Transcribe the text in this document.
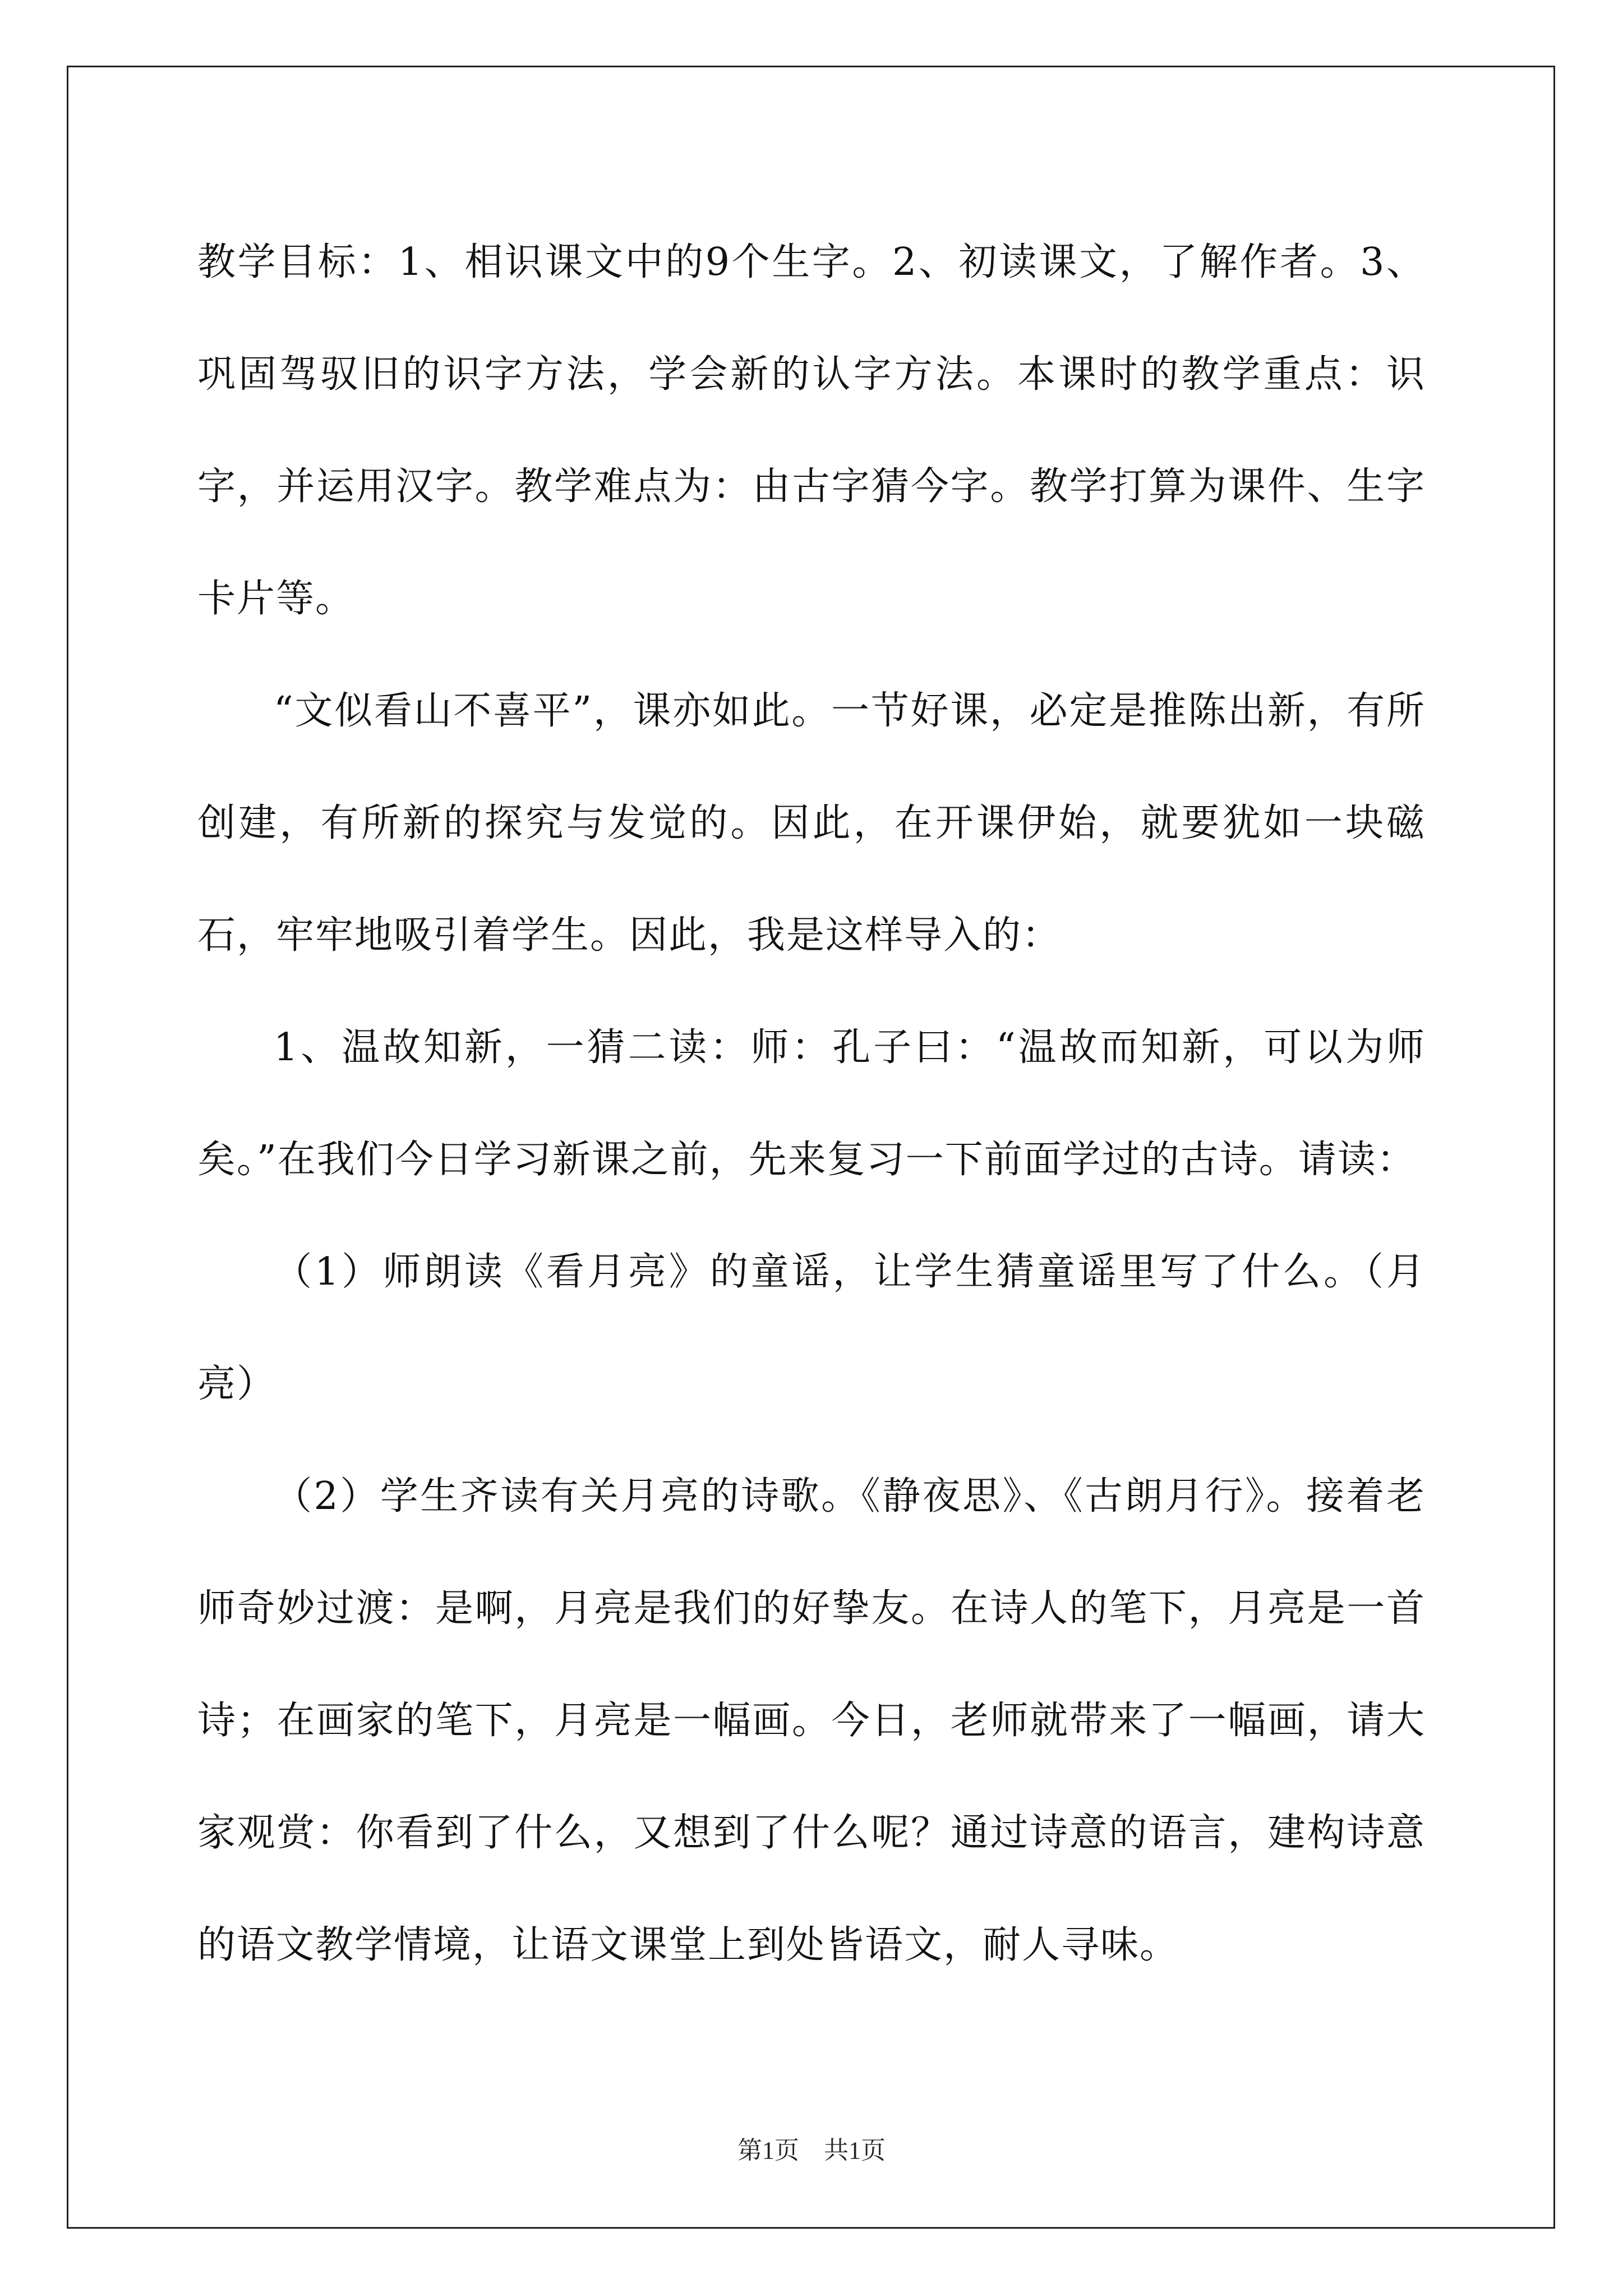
教学目标：1、相识课文中的9个生字。2、初读课文，了解作者。3、巩固驾驭旧的识字方法，学会新的认字方法。本课时的教学重点：识字，并运用汉字。教学难点为：由古字猜今字。教学打算为课件、生字卡片等。

“文似看山不喜平”，课亦如此。一节好课，必定是推陈出新，有所创建，有所新的探究与发觉的。因此，在开课伊始，就要犹如一块磁石，牢牢地吸引着学生。因此，我是这样导入的：

1、温故知新，一猜二读：师：孔子曰：“温故而知新，可以为师矣。”在我们今日学习新课之前，先来复习一下前面学过的古诗。请读：

（1）师朗读《看月亮》的童谣，让学生猜童谣里写了什么。（月亮）

（2）学生齐读有关月亮的诗歌。《静夜思》、《古朗月行》。接着老师奇妙过渡：是啊，月亮是我们的好挚友。在诗人的笔下，月亮是一首诗；在画家的笔下，月亮是一幅画。今日，老师就带来了一幅画，请大家观赏：你看到了什么，又想到了什么呢？通过诗意的语言，建构诗意的语文教学情境，让语文课堂上到处皆语文，耐人寻味。

第1页　共1页
